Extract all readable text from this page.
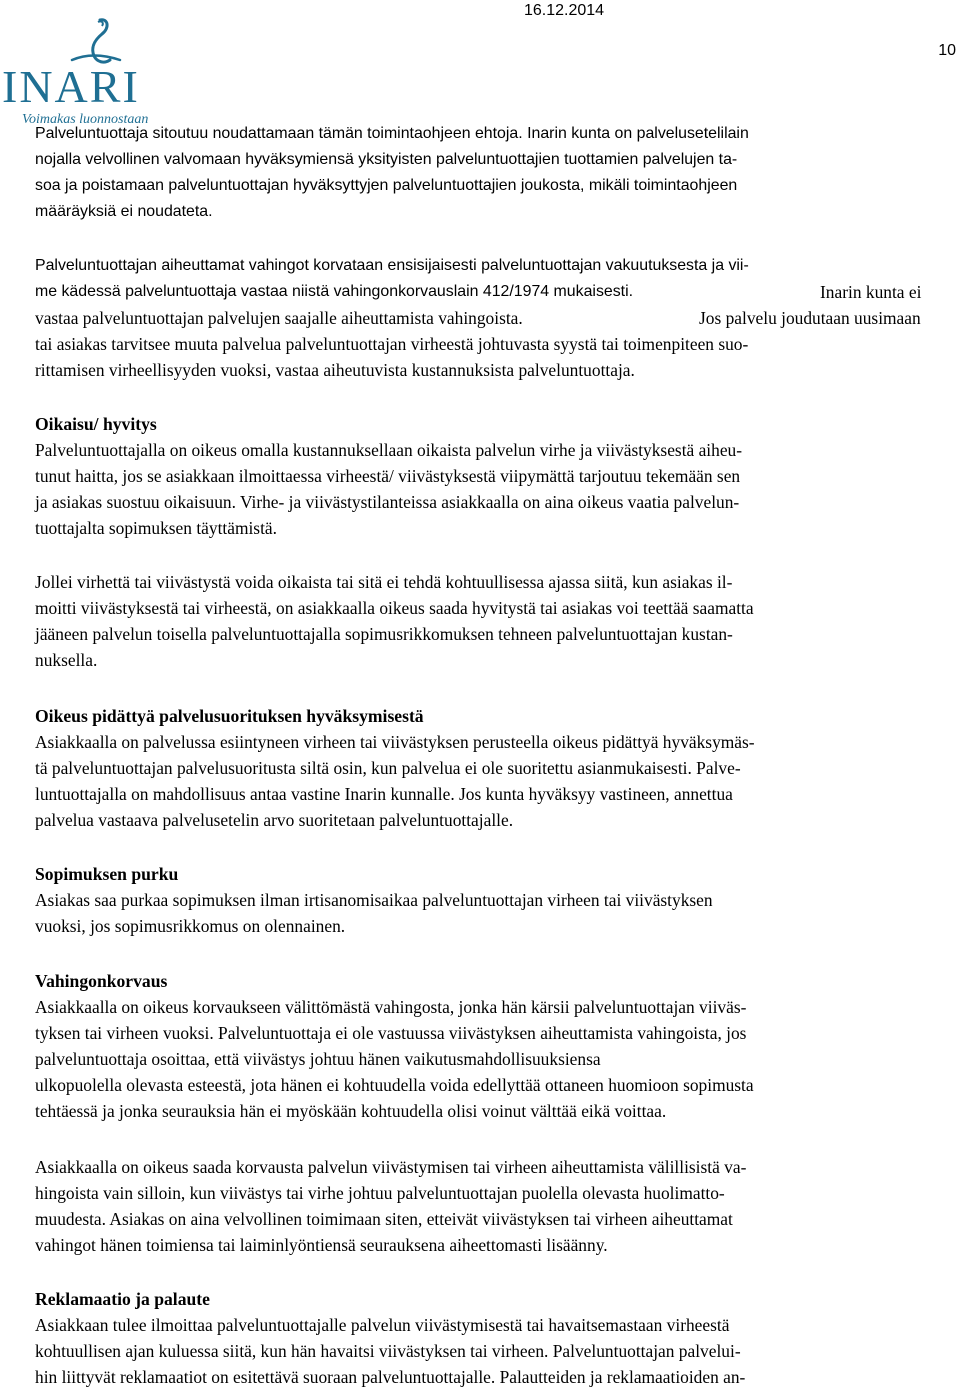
INARI
Voimakas luonnostaan
16.12.2014
10

Palveluntuottaja sitoutuu noudattamaan tämän toimintaohjeen ehtoja. Inarin kunta on palvelusetelilain

nojalla velvollinen valvomaan hyväksymiensä yksityisten palveluntuottajien tuottamien palvelujen ta-

soa ja poistamaan palveluntuottajan hyväksyttyjen palveluntuottajien joukosta, mikäli toimintaohjeen

määräyksiä ei noudateta.

Palveluntuottajan aiheuttamat vahingot korvataan ensisijaisesti palveluntuottajan vakuutuksesta ja vii-

me kädessä palveluntuottaja vastaa niistä vahingonkorvauslain 412/1974 mukaisesti.	Inarin kunta ei

vastaa palveluntuottajan palvelujen saajalle aiheuttamista vahingoista.	Jos palvelu joudutaan uusimaan

tai asiakas tarvitsee muuta palvelua palveluntuottajan virheestä johtuvasta syystä tai toimenpiteen suo-

rittamisen virheellisyyden vuoksi, vastaa aiheutuvista kustannuksista palveluntuottaja.

Oikaisu/ hyvitys

Palveluntuottajalla on oikeus omalla kustannuksellaan oikaista palvelun virhe ja viivästyksestä aiheu-

tunut haitta, jos se asiakkaan ilmoittaessa virheestä/ viivästyksestä viipymättä tarjoutuu tekemään sen

ja asiakas suostuu oikaisuun. Virhe- ja viivästystilanteissa asiakkaalla on aina oikeus vaatia palvelun-

tuottajalta sopimuksen täyttämistä.

Jollei virhettä tai viivästystä voida oikaista tai sitä ei tehdä kohtuullisessa ajassa siitä, kun asiakas il-

moitti viivästyksestä tai virheestä, on asiakkaalla oikeus saada hyvitystä tai asiakas voi teettää saamatta

jääneen palvelun toisella palveluntuottajalla sopimusrikkomuksen tehneen palveluntuottajan kustan-

nuksella.

Oikeus pidättyä palvelusuorituksen hyväksymisestä

Asiakkaalla on palvelussa esiintyneen virheen tai viivästyksen perusteella oikeus pidättyä hyväksymäs-

tä palveluntuottajan palvelusuoritusta siltä osin, kun palvelua ei ole suoritettu asianmukaisesti. Palve-

luntuottajalla on mahdollisuus antaa vastine Inarin kunnalle. Jos kunta hyväksyy vastineen, annettua

palvelua vastaava palvelusetelin arvo suoritetaan palveluntuottajalle.

Sopimuksen purku

Asiakas saa purkaa sopimuksen ilman irtisanomisaikaa palveluntuottajan virheen tai viivästyksen

vuoksi, jos sopimusrikkomus on olennainen.

Vahingonkorvaus

Asiakkaalla on oikeus korvaukseen välittömästä vahingosta, jonka hän kärsii palveluntuottajan viiväs-

tyksen tai virheen vuoksi. Palveluntuottaja ei ole vastuussa viivästyksen aiheuttamista vahingoista, jos

palveluntuottaja osoittaa, että viivästys johtuu hänen vaikutusmahdollisuuksiensa

ulkopuolella olevasta esteestä, jota hänen ei kohtuudella voida edellyttää ottaneen huomioon sopimusta

tehtäessä ja jonka seurauksia hän ei myöskään kohtuudella olisi voinut välttää eikä voittaa.

Asiakkaalla on oikeus saada korvausta palvelun viivästymisen tai virheen aiheuttamista välillisistä va-

hingoista vain silloin, kun viivästys tai virhe johtuu palveluntuottajan puolella olevasta huolimatto-

muudesta. Asiakas on aina velvollinen toimimaan siten, etteivät viivästyksen tai virheen aiheuttamat

vahingot hänen toimiensa tai laiminlyöntiensä seurauksena aiheettomasti lisäänny.

Reklamaatio ja palaute

Asiakkaan tulee ilmoittaa palveluntuottajalle palvelun viivästymisestä tai havaitsemastaan virheestä

kohtuullisen ajan kuluessa siitä, kun hän havaitsi viivästyksen tai virheen. Palveluntuottajan palvelui-

hin liittyvät reklamaatiot on esitettävä suoraan palveluntuottajalle. Palautteiden ja reklamaatioiden an-
